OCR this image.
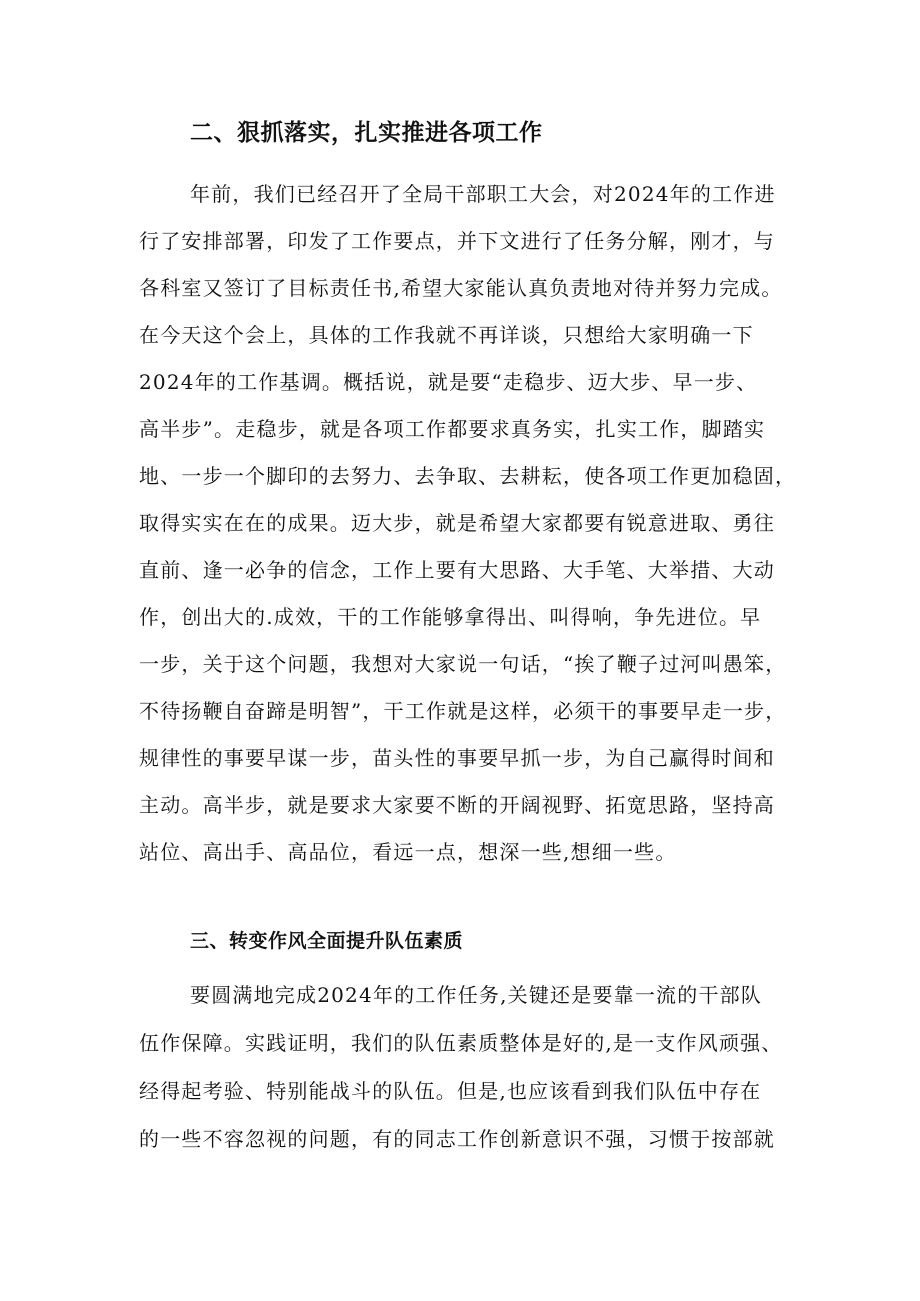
二、狠抓落实，扎实推进各项工作
年前，我们已经召开了全局干部职工大会，对2024年的工作进
行了安排部署，印发了工作要点，并下文进行了任务分解，刚才，与
各科室又签订了目标责任书,希望大家能认真负责地对待并努力完成。
在今天这个会上，具体的工作我就不再详谈，只想给大家明确一下
2024年的工作基调。概括说，就是要“走稳步、迈大步、早一步、
高半步”。走稳步，就是各项工作都要求真务实，扎实工作，脚踏实
地、一步一个脚印的去努力、去争取、去耕耘，使各项工作更加稳固，
取得实实在在的成果。迈大步，就是希望大家都要有锐意进取、勇往
直前、逢一必争的信念，工作上要有大思路、大手笔、大举措、大动
作，创出大的.成效，干的工作能够拿得出、叫得响，争先进位。早
一步，关于这个问题，我想对大家说一句话，“挨了鞭子过河叫愚笨，
不待扬鞭自奋蹄是明智”，干工作就是这样，必须干的事要早走一步，
规律性的事要早谋一步，苗头性的事要早抓一步，为自己赢得时间和
主动。高半步，就是要求大家要不断的开阔视野、拓宽思路，坚持高
站位、高出手、高品位，看远一点，想深一些,想细一些。
三、转变作风全面提升队伍素质
要圆满地完成2024年的工作任务,关键还是要靠一流的干部队
伍作保障。实践证明，我们的队伍素质整体是好的,是一支作风顽强、
经得起考验、特别能战斗的队伍。但是,也应该看到我们队伍中存在
的一些不容忽视的问题，有的同志工作创新意识不强，习惯于按部就
